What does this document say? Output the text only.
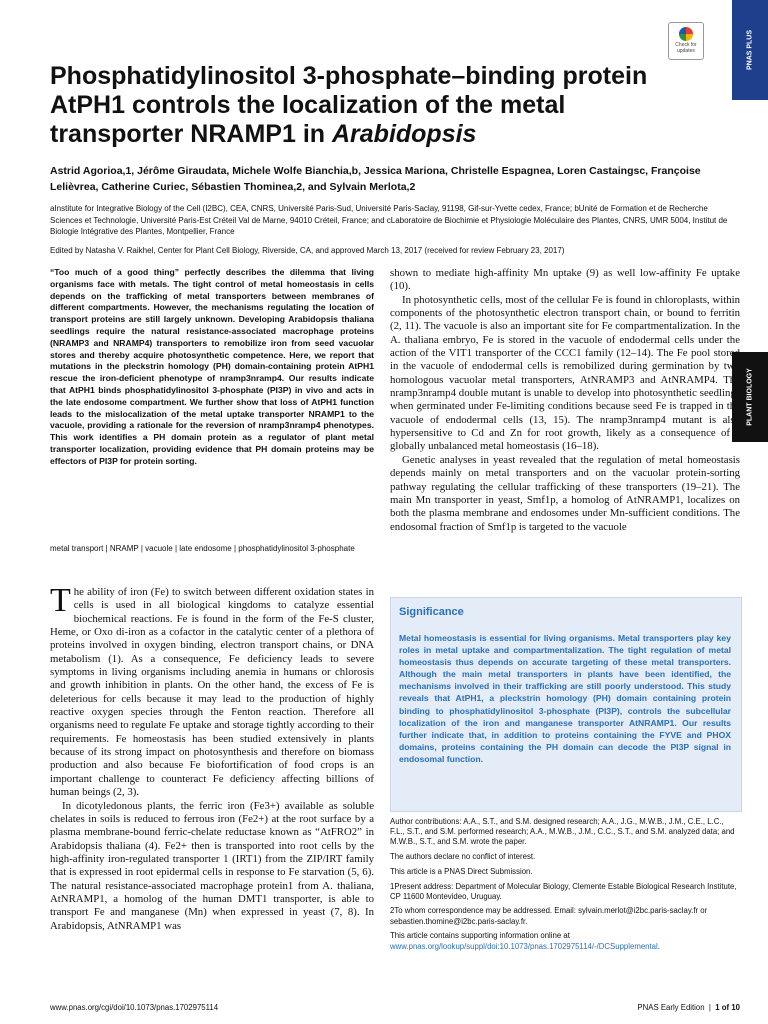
PNAS PLUS
PLANT BIOLOGY
Check for updates
Phosphatidylinositol 3-phosphate–binding protein AtPH1 controls the localization of the metal transporter NRAMP1 in Arabidopsis
Astrid Agorioa,1, Jérôme Giraudata, Michele Wolfe Bianchia,b, Jessica Mariona, Christelle Espagnea, Loren Castaingsc, Françoise Lelièvrea, Catherine Curiec, Sébastien Thominea,2, and Sylvain Merlota,2
aInstitute for Integrative Biology of the Cell (I2BC), CEA, CNRS, Université Paris-Sud, Université Paris-Saclay, 91198, Gif-sur-Yvette cedex, France; bUnité de Formation et de Recherche Sciences et Technologie, Université Paris-Est Créteil Val de Marne, 94010 Créteil, France; and cLaboratoire de Biochimie et Physiologie Moléculaire des Plantes, CNRS, UMR 5004, Institut de Biologie Intégrative des Plantes, Montpellier, France
Edited by Natasha V. Raikhel, Center for Plant Cell Biology, Riverside, CA, and approved March 13, 2017 (received for review February 23, 2017)
“Too much of a good thing” perfectly describes the dilemma that living organisms face with metals. The tight control of metal homeostasis in cells depends on the trafficking of metal transporters between membranes of different compartments. However, the mechanisms regulating the location of transport proteins are still largely unknown. Developing Arabidopsis thaliana seedlings require the natural resistance-associated macrophage proteins (NRAMP3 and NRAMP4) transporters to remobilize iron from seed vacuolar stores and thereby acquire photosynthetic competence. Here, we report that mutations in the pleckstrin homology (PH) domain-containing protein AtPH1 rescue the iron-deficient phenotype of nramp3nramp4. Our results indicate that AtPH1 binds phosphatidylinositol 3-phosphate (PI3P) in vivo and acts in the late endosome compartment. We further show that loss of AtPH1 function leads to the mislocalization of the metal uptake transporter NRAMP1 to the vacuole, providing a rationale for the reversion of nramp3nramp4 phenotypes. This work identifies a PH domain protein as a regulator of plant metal transporter localization, providing evidence that PH domain proteins may be effectors of PI3P for protein sorting.
metal transport | NRAMP | vacuole | late endosome | phosphatidylinositol 3-phosphate

The ability of iron (Fe) to switch between different oxidation states in cells is used in all biological kingdoms to catalyze essential biochemical reactions. Fe is found in the form of the Fe-S cluster, Heme, or Oxo di-iron as a cofactor in the catalytic center of a plethora of proteins involved in oxygen binding, electron transport chains, or DNA metabolism (1). As a consequence, Fe deficiency leads to severe symptoms in living organisms including anemia in humans or chlorosis and growth inhibition in plants. On the other hand, the excess of Fe is deleterious for cells because it may lead to the production of highly reactive oxygen species through the Fenton reaction. Therefore all organisms need to regulate Fe uptake and storage tightly according to their requirements. Fe homeostasis has been studied extensively in plants because of its strong impact on photosynthesis and therefore on biomass production and also because Fe biofortification of food crops is an important challenge to counteract Fe deficiency affecting billions of human beings (2, 3).

In dicotyledonous plants, the ferric iron (Fe3+) available as soluble chelates in soils is reduced to ferrous iron (Fe2+) at the root surface by a plasma membrane-bound ferric-chelate reductase known as “AtFRO2” in Arabidopsis thaliana (4). Fe2+ then is transported into root cells by the high-affinity iron-regulated transporter 1 (IRT1) from the ZIP/IRT family that is expressed in root epidermal cells in response to Fe starvation (5, 6). The natural resistance-associated macrophage protein1 from A. thaliana, AtNRAMP1, a homolog of the human DMT1 transporter, is able to transport Fe and manganese (Mn) when expressed in yeast (7, 8). In Arabidopsis, AtNRAMP1 was

shown to mediate high-affinity Mn uptake (9) as well low-affinity Fe uptake (10).

In photosynthetic cells, most of the cellular Fe is found in chloroplasts, within components of the photosynthetic electron transport chain, or bound to ferritin (2, 11). The vacuole is also an important site for Fe compartmentalization. In the A. thaliana embryo, Fe is stored in the vacuole of endodermal cells under the action of the VIT1 transporter of the CCC1 family (12–14). The Fe pool stored in the vacuole of endodermal cells is remobilized during germination by two homologous vacuolar metal transporters, AtNRAMP3 and AtNRAMP4. The nramp3nramp4 double mutant is unable to develop into photosynthetic seedlings when germinated under Fe-limiting conditions because seed Fe is trapped in the vacuole of endodermal cells (13, 15). The nramp3nramp4 mutant is also hypersensitive to Cd and Zn for root growth, likely as a consequence of a globally unbalanced metal homeostasis (16–18).

Genetic analyses in yeast revealed that the regulation of metal homeostasis depends mainly on metal transporters and on the vacuolar protein-sorting pathway regulating the cellular trafficking of these transporters (19–21). The main Mn transporter in yeast, Smf1p, a homolog of AtNRAMP1, localizes on both the plasma membrane and endosomes under Mn-sufficient conditions. The endosomal fraction of Smf1p is targeted to the vacuole

Significance
Metal homeostasis is essential for living organisms. Metal transporters play key roles in metal uptake and compartmentalization. The tight regulation of metal homeostasis thus depends on accurate targeting of these metal transporters. Although the main metal transporters in plants have been identified, the mechanisms involved in their trafficking are still poorly understood. This study reveals that AtPH1, a pleckstrin homology (PH) domain containing protein binding to phosphatidylinositol 3-phosphate (PI3P), controls the subcellular localization of the iron and manganese transporter AtNRAMP1. Our results further indicate that, in addition to proteins containing the FYVE and PHOX domains, proteins containing the PH domain can decode the PI3P signal in endosomal function.

Author contributions: A.A., S.T., and S.M. designed research; A.A., J.G., M.W.B., J.M., C.E., L.C., F.L., S.T., and S.M. performed research; A.A., M.W.B., J.M., C.C., S.T., and S.M. analyzed data; and M.W.B., S.T., and S.M. wrote the paper.

The authors declare no conflict of interest.

This article is a PNAS Direct Submission.

1Present address: Department of Molecular Biology, Clemente Estable Biological Research Institute, CP 11600 Montevideo, Uruguay.

2To whom correspondence may be addressed. Email: sylvain.merlot@i2bc.paris-saclay.fr or sebastien.thomine@i2bc.paris-saclay.fr.

This article contains supporting information online at www.pnas.org/lookup/suppl/doi:10.1073/pnas.1702975114/-/DCSupplemental.

www.pnas.org/cgi/doi/10.1073/pnas.1702975114	PNAS Early Edition  |  1 of 10
